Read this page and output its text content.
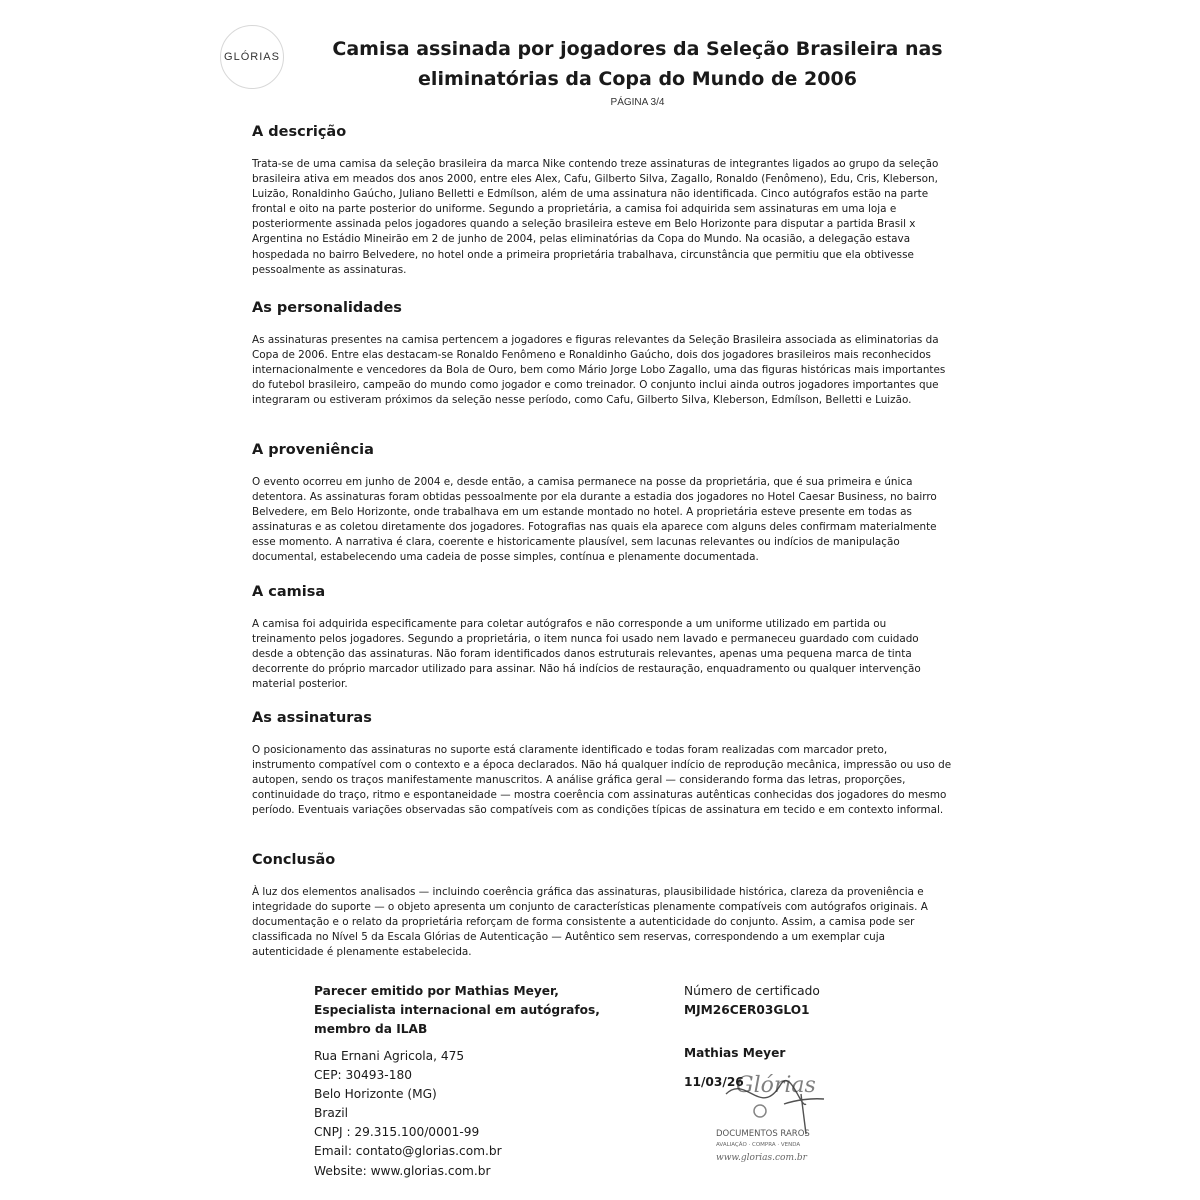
GLÓRIAS	Camisa assinada por jogadores da Seleção Brasileira nas eliminatórias da Copa do Mundo de 2006
PÁGINA 3/4
A descrição

Trata-se de uma camisa da seleção brasileira da marca Nike contendo treze assinaturas de integrantes ligados ao grupo da seleção brasileira ativa em meados dos anos 2000, entre eles Alex, Cafu, Gilberto Silva, Zagallo, Ronaldo (Fenômeno), Edu, Cris, Kleberson, Luizão, Ronaldinho Gaúcho, Juliano Belletti e Edmílson, além de uma assinatura não identificada. Cinco autógrafos estão na parte frontal e oito na parte posterior do uniforme. Segundo a proprietária, a camisa foi adquirida sem assinaturas em uma loja e posteriormente assinada pelos jogadores quando a seleção brasileira esteve em Belo Horizonte para disputar a partida Brasil x Argentina no Estádio Mineirão em 2 de junho de 2004, pelas eliminatórias da Copa do Mundo. Na ocasião, a delegação estava hospedada no bairro Belvedere, no hotel onde a primeira proprietária trabalhava, circunstância que permitiu que ela obtivesse pessoalmente as assinaturas.

As personalidades

As assinaturas presentes na camisa pertencem a jogadores e figuras relevantes da Seleção Brasileira associada as eliminatorias da Copa de 2006. Entre elas destacam-se Ronaldo Fenômeno e Ronaldinho Gaúcho, dois dos jogadores brasileiros mais reconhecidos internacionalmente e vencedores da Bola de Ouro, bem como Mário Jorge Lobo Zagallo, uma das figuras históricas mais importantes do futebol brasileiro, campeão do mundo como jogador e como treinador. O conjunto inclui ainda outros jogadores importantes que integraram ou estiveram próximos da seleção nesse período, como Cafu, Gilberto Silva, Kleberson, Edmílson, Belletti e Luizão.

A proveniência

O evento ocorreu em junho de 2004 e, desde então, a camisa permanece na posse da proprietária, que é sua primeira e única detentora. As assinaturas foram obtidas pessoalmente por ela durante a estadia dos jogadores no Hotel Caesar Business, no bairro Belvedere, em Belo Horizonte, onde trabalhava em um estande montado no hotel. A proprietária esteve presente em todas as assinaturas e as coletou diretamente dos jogadores. Fotografias nas quais ela aparece com alguns deles confirmam materialmente esse momento. A narrativa é clara, coerente e historicamente plausível, sem lacunas relevantes ou indícios de manipulação documental, estabelecendo uma cadeia de posse simples, contínua e plenamente documentada.

A camisa

A camisa foi adquirida especificamente para coletar autógrafos e não corresponde a um uniforme utilizado em partida ou treinamento pelos jogadores. Segundo a proprietária, o item nunca foi usado nem lavado e permaneceu guardado com cuidado desde a obtenção das assinaturas. Não foram identificados danos estruturais relevantes, apenas uma pequena marca de tinta decorrente do próprio marcador utilizado para assinar. Não há indícios de restauração, enquadramento ou qualquer intervenção material posterior.

As assinaturas

O posicionamento das assinaturas no suporte está claramente identificado e todas foram realizadas com marcador preto, instrumento compatível com o contexto e a época declarados. Não há qualquer indício de reprodução mecânica, impressão ou uso de autopen, sendo os traços manifestamente manuscritos. A análise gráfica geral — considerando forma das letras, proporções, continuidade do traço, ritmo e espontaneidade — mostra coerência com assinaturas autênticas conhecidas dos jogadores do mesmo período. Eventuais variações observadas são compatíveis com as condições típicas de assinatura em tecido e em contexto informal.

Conclusão

À luz dos elementos analisados — incluindo coerência gráfica das assinaturas, plausibilidade histórica, clareza da proveniência e integridade do suporte — o objeto apresenta um conjunto de características plenamente compatíveis com autógrafos originais. A documentação e o relato da proprietária reforçam de forma consistente a autenticidade do conjunto. Assim, a camisa pode ser classificada no Nível 5 da Escala Glórias de Autenticação — Autêntico sem reservas, correspondendo a um exemplar cuja autenticidade é plenamente estabelecida.

Parecer emitido por Mathias Meyer,
Especialista internacional em autógrafos,
membro da ILAB
Rua Ernani Agricola, 475
CEP: 30493-180
Belo Horizonte (MG)
Brazil
CNPJ : 29.315.100/0001-99
Email: contato@glorias.com.br
Website: www.glorias.com.br
Número de certificado
MJM26CER03GLO1
Glórias
DOCUMENTOS RAROS
AVALIAÇÃO · COMPRA · VENDA
www.glorias.com.br
Mathias Meyer
11/03/26
